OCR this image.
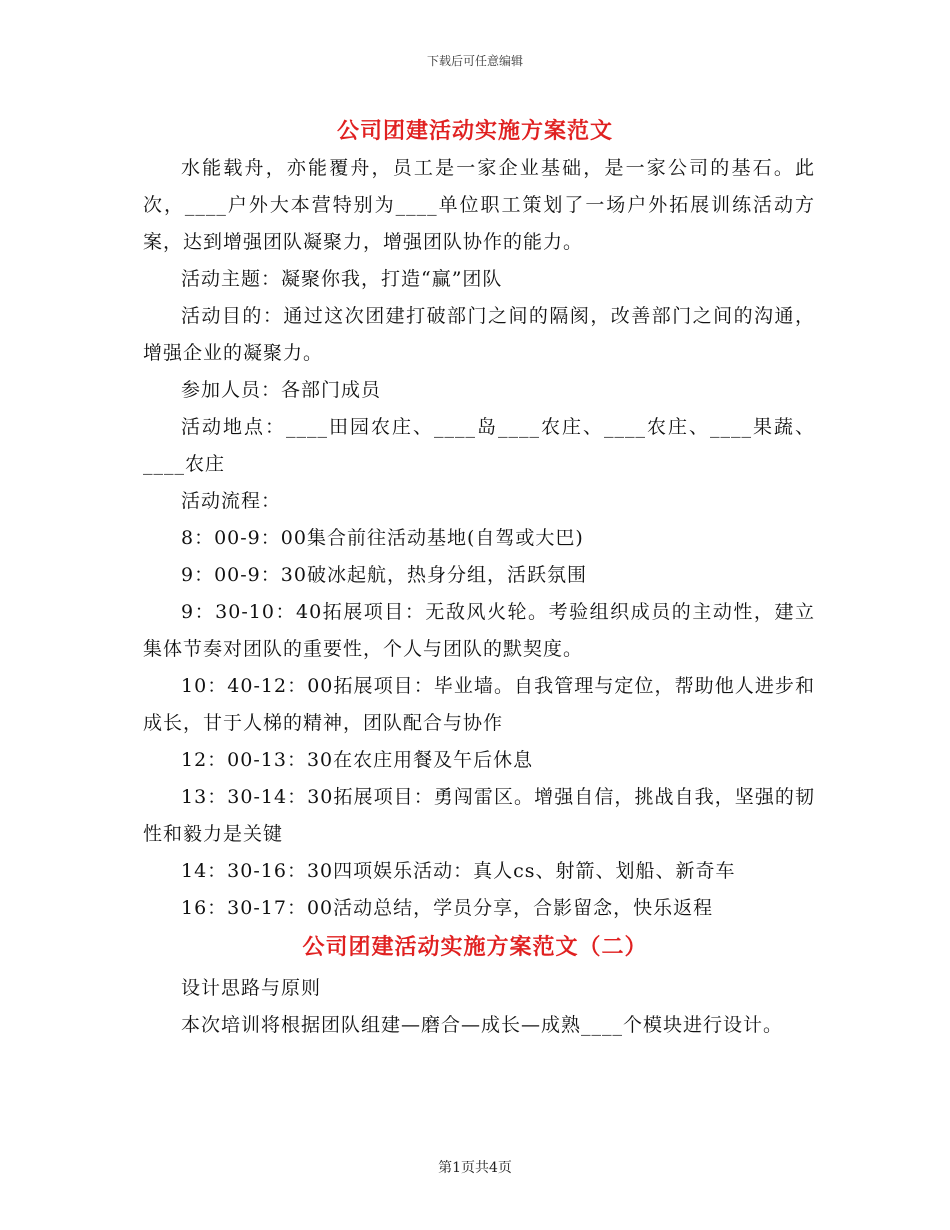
下载后可任意编辑
公司团建活动实施方案范文

水能载舟，亦能覆舟，员工是一家企业基础，是一家公司的基石。此次，____户外大本营特别为____单位职工策划了一场户外拓展训练活动方案，达到增强团队凝聚力，增强团队协作的能力。

活动主题：凝聚你我，打造“赢”团队

活动目的：通过这次团建打破部门之间的隔阂，改善部门之间的沟通，增强企业的凝聚力。

参加人员：各部门成员

活动地点：____田园农庄、____岛____农庄、____农庄、____果蔬、____农庄

活动流程：

8：00-9：00集合前往活动基地(自驾或大巴)

9：00-9：30破冰起航，热身分组，活跃氛围

9：30-10：40拓展项目：无敌风火轮。考验组织成员的主动性，建立集体节奏对团队的重要性，个人与团队的默契度。

10：40-12：00拓展项目：毕业墙。自我管理与定位，帮助他人进步和成长，甘于人梯的精神，团队配合与协作

12：00-13：30在农庄用餐及午后休息

13：30-14：30拓展项目：勇闯雷区。增强自信，挑战自我，坚强的韧性和毅力是关键

14：30-16：30四项娱乐活动：真人cs、射箭、划船、新奇车

16：30-17：00活动总结，学员分享，合影留念，快乐返程

公司团建活动实施方案范文（二）

设计思路与原则

本次培训将根据团队组建—磨合—成长—成熟____个模块进行设计。

第1页共4页
